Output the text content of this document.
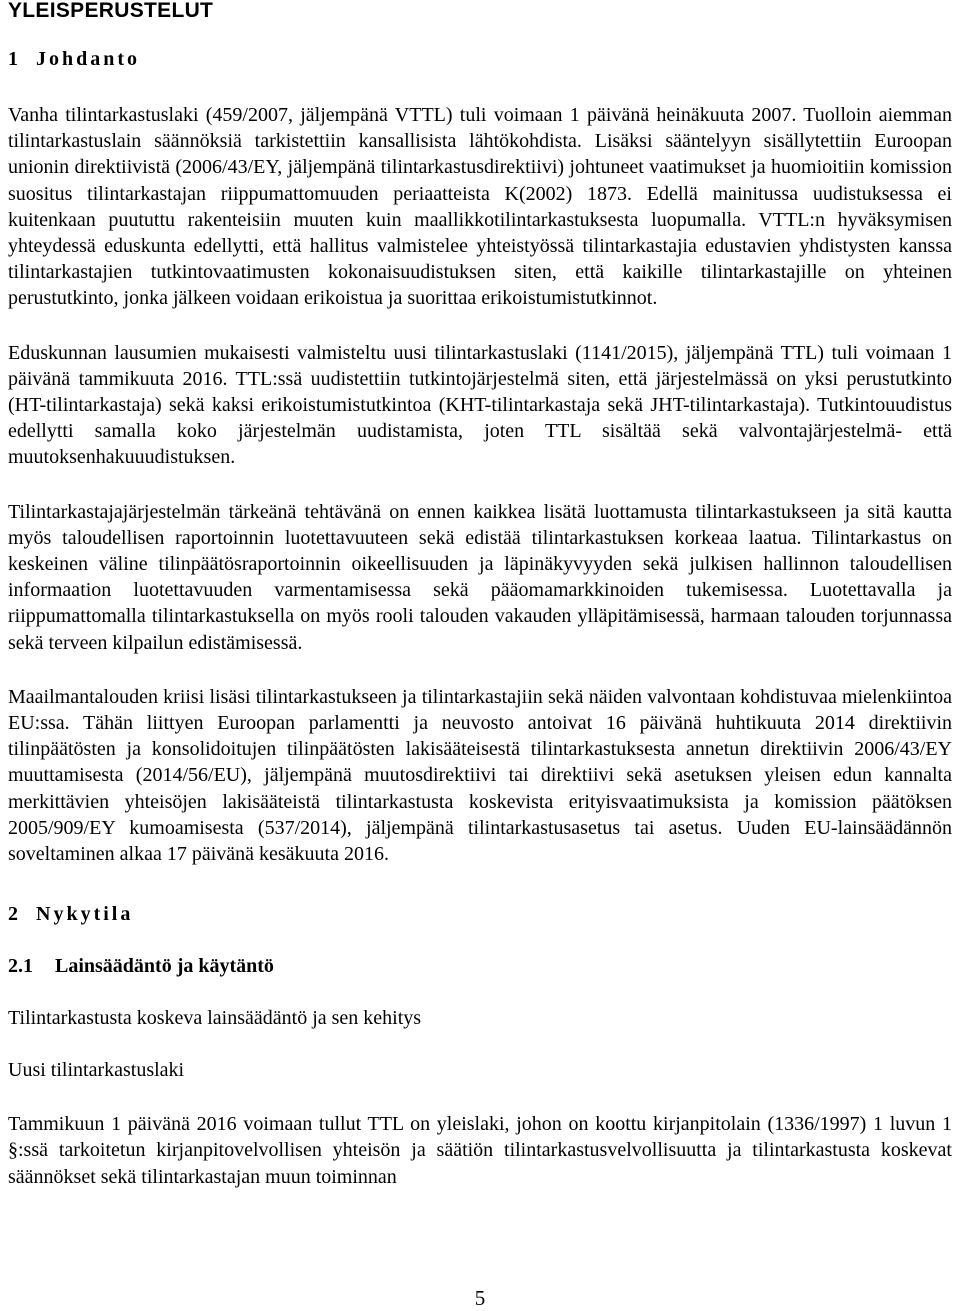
YLEISPERUSTELUT
1 Johdanto

Vanha tilintarkastuslaki (459/2007, jäljempänä VTTL) tuli voimaan 1 päivänä heinäkuuta 2007. Tuolloin aiemman tilintarkastuslain säännöksiä tarkistettiin kansallisista lähtökohdista. Lisäksi sääntelyyn sisällytettiin Euroopan unionin direktiivistä (2006/43/EY, jäljempänä tilintarkastusdirektiivi) johtuneet vaatimukset ja huomioitiin komission suositus tilintarkastajan riippumattomuuden periaatteista K(2002) 1873. Edellä mainitussa uudistuksessa ei kuitenkaan puututtu rakenteisiin muuten kuin maallikkotilintarkastuksesta luopumalla. VTTL:n hyväksymisen yhteydessä eduskunta edellytti, että hallitus valmistelee yhteistyössä tilintarkastajia edustavien yhdistysten kanssa tilintarkastajien tutkintovaatimusten kokonaisuudistuksen siten, että kaikille tilintarkastajille on yhteinen perustutkinto, jonka jälkeen voidaan erikoistua ja suorittaa erikoistumistutkinnot.

Eduskunnan lausumien mukaisesti valmisteltu uusi tilintarkastuslaki (1141/2015), jäljempänä TTL) tuli voimaan 1 päivänä tammikuuta 2016. TTL:ssä uudistettiin tutkintojärjestelmä siten, että järjestelmässä on yksi perustutkinto (HT-tilintarkastaja) sekä kaksi erikoistumistutkintoa (KHT-tilintarkastaja sekä JHT-tilintarkastaja). Tutkintouudistus edellytti samalla koko järjestelmän uudistamista, joten TTL sisältää sekä valvontajärjestelmä- että muutoksenhakuuudistuksen.

Tilintarkastajajärjestelmän tärkeänä tehtävänä on ennen kaikkea lisätä luottamusta tilintarkastukseen ja sitä kautta myös taloudellisen raportoinnin luotettavuuteen sekä edistää tilintarkastuksen korkeaa laatua. Tilintarkastus on keskeinen väline tilinpäätösraportoinnin oikeellisuuden ja läpinäkyvyyden sekä julkisen hallinnon taloudellisen informaation luotettavuuden varmentamisessa sekä pääomamarkkinoiden tukemisessa. Luotettavalla ja riippumattomalla tilintarkastuksella on myös rooli talouden vakauden ylläpitämisessä, harmaan talouden torjunnassa sekä terveen kilpailun edistämisessä.

Maailmantalouden kriisi lisäsi tilintarkastukseen ja tilintarkastajiin sekä näiden valvontaan kohdistuvaa mielenkiintoa EU:ssa. Tähän liittyen Euroopan parlamentti ja neuvosto antoivat 16 päivänä huhtikuuta 2014 direktiivin tilinpäätösten ja konsolidoitujen tilinpäätösten lakisääteisestä tilintarkastuksesta annetun direktiivin 2006/43/EY muuttamisesta (2014/56/EU), jäljempänä muutosdirektiivi tai direktiivi sekä asetuksen yleisen edun kannalta merkittävien yhteisöjen lakisääteistä tilintarkastusta koskevista erityisvaatimuksista ja komission päätöksen 2005/909/EY kumoamisesta (537/2014), jäljempänä tilintarkastusasetus tai asetus. Uuden EU-lainsäädännön soveltaminen alkaa 17 päivänä kesäkuuta 2016.

2 Nykytila
2.1 Lainsäädäntö ja käytäntö
Tilintarkastusta koskeva lainsäädäntö ja sen kehitys
Uusi tilintarkastuslaki

Tammikuun 1 päivänä 2016 voimaan tullut TTL on yleislaki, johon on koottu kirjanpitolain (1336/1997) 1 luvun 1 §:ssä tarkoitetun kirjanpitovelvollisen yhteisön ja säätiön tilintarkastusvelvollisuutta ja tilintarkastusta koskevat säännökset sekä tilintarkastajan muun toiminnan

5
